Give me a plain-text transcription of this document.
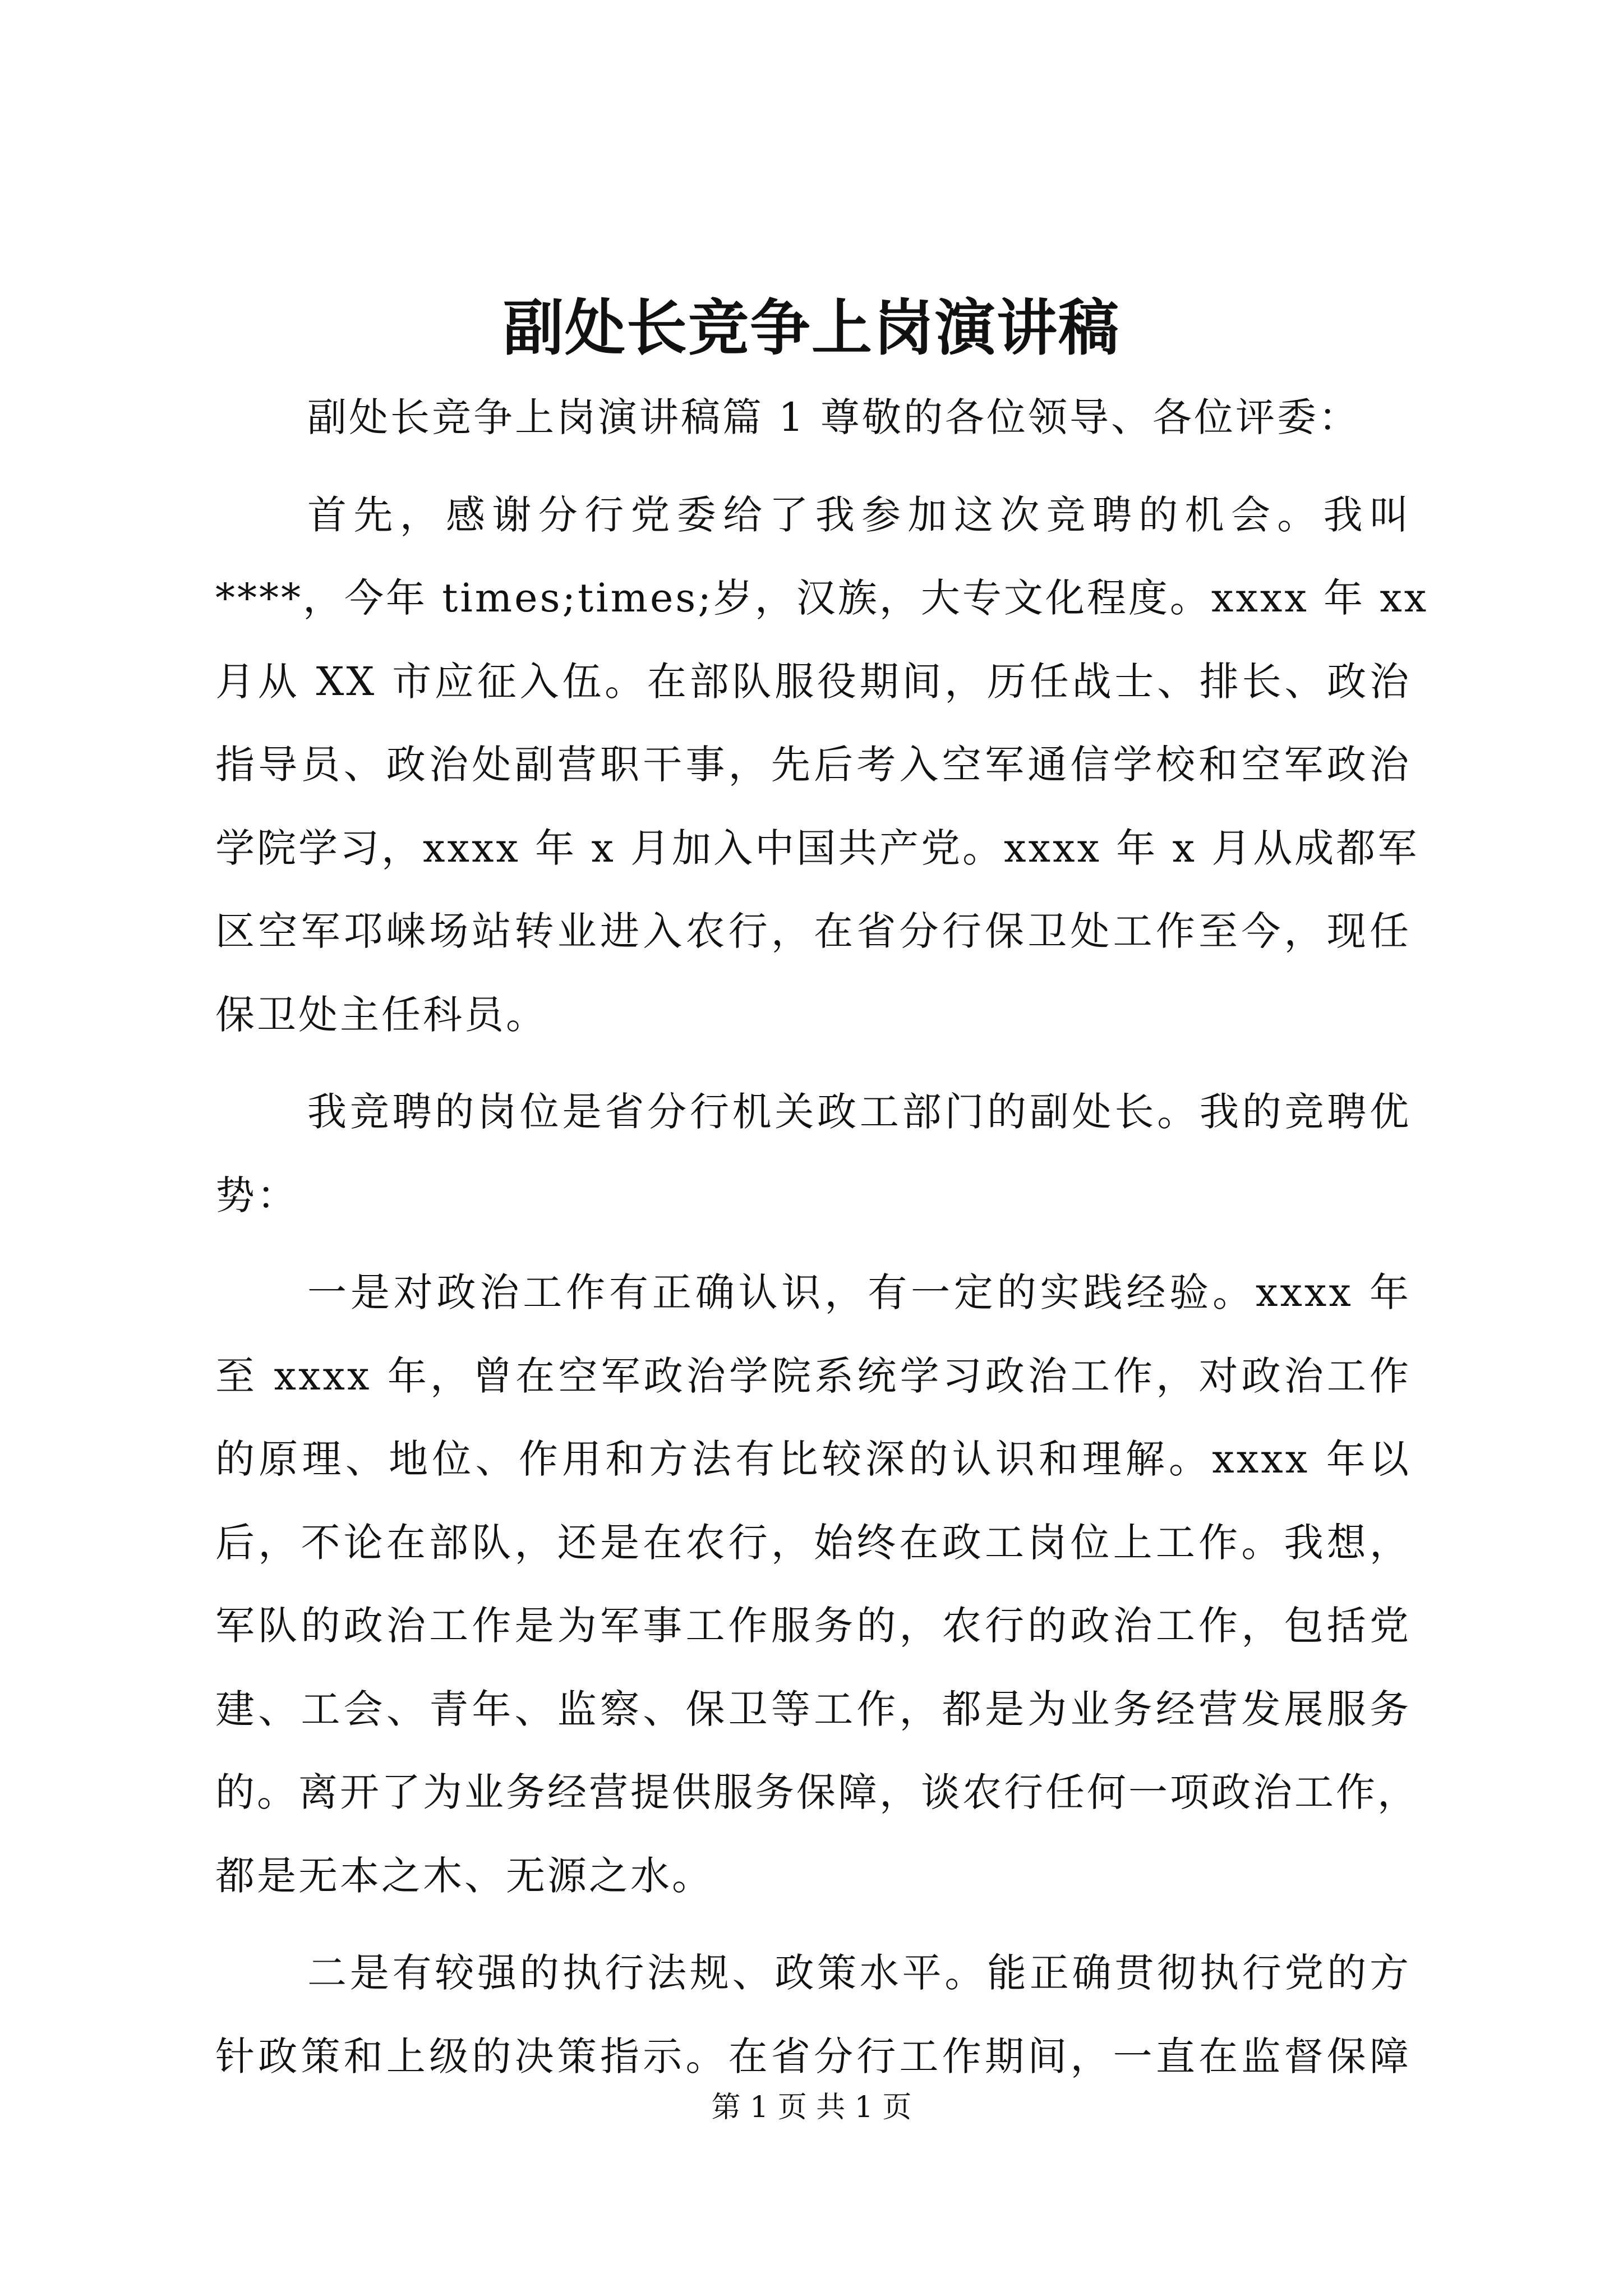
副处长竞争上岗演讲稿
副处长竞争上岗演讲稿篇 1 尊敬的各位领导、各位评委：
首先，感谢分行党委给了我参加这次竞聘的机会。我叫
****，今年 times;times;岁，汉族，大专文化程度。xxxx 年 xx
月从 XX 市应征入伍。在部队服役期间，历任战士、排长、政治
指导员、政治处副营职干事，先后考入空军通信学校和空军政治
学院学习，xxxx 年 x 月加入中国共产党。xxxx 年 x 月从成都军
区空军邛崃场站转业进入农行，在省分行保卫处工作至今，现任
保卫处主任科员。
我竞聘的岗位是省分行机关政工部门的副处长。我的竞聘优
势：
一是对政治工作有正确认识，有一定的实践经验。xxxx 年
至 xxxx 年，曾在空军政治学院系统学习政治工作，对政治工作
的原理、地位、作用和方法有比较深的认识和理解。xxxx 年以
后，不论在部队，还是在农行，始终在政工岗位上工作。我想，
军队的政治工作是为军事工作服务的，农行的政治工作，包括党
建、工会、青年、监察、保卫等工作，都是为业务经营发展服务
的。离开了为业务经营提供服务保障，谈农行任何一项政治工作，
都是无本之木、无源之水。
二是有较强的执行法规、政策水平。能正确贯彻执行党的方
针政策和上级的决策指示。在省分行工作期间，一直在监督保障
第 1 页 共 1 页
